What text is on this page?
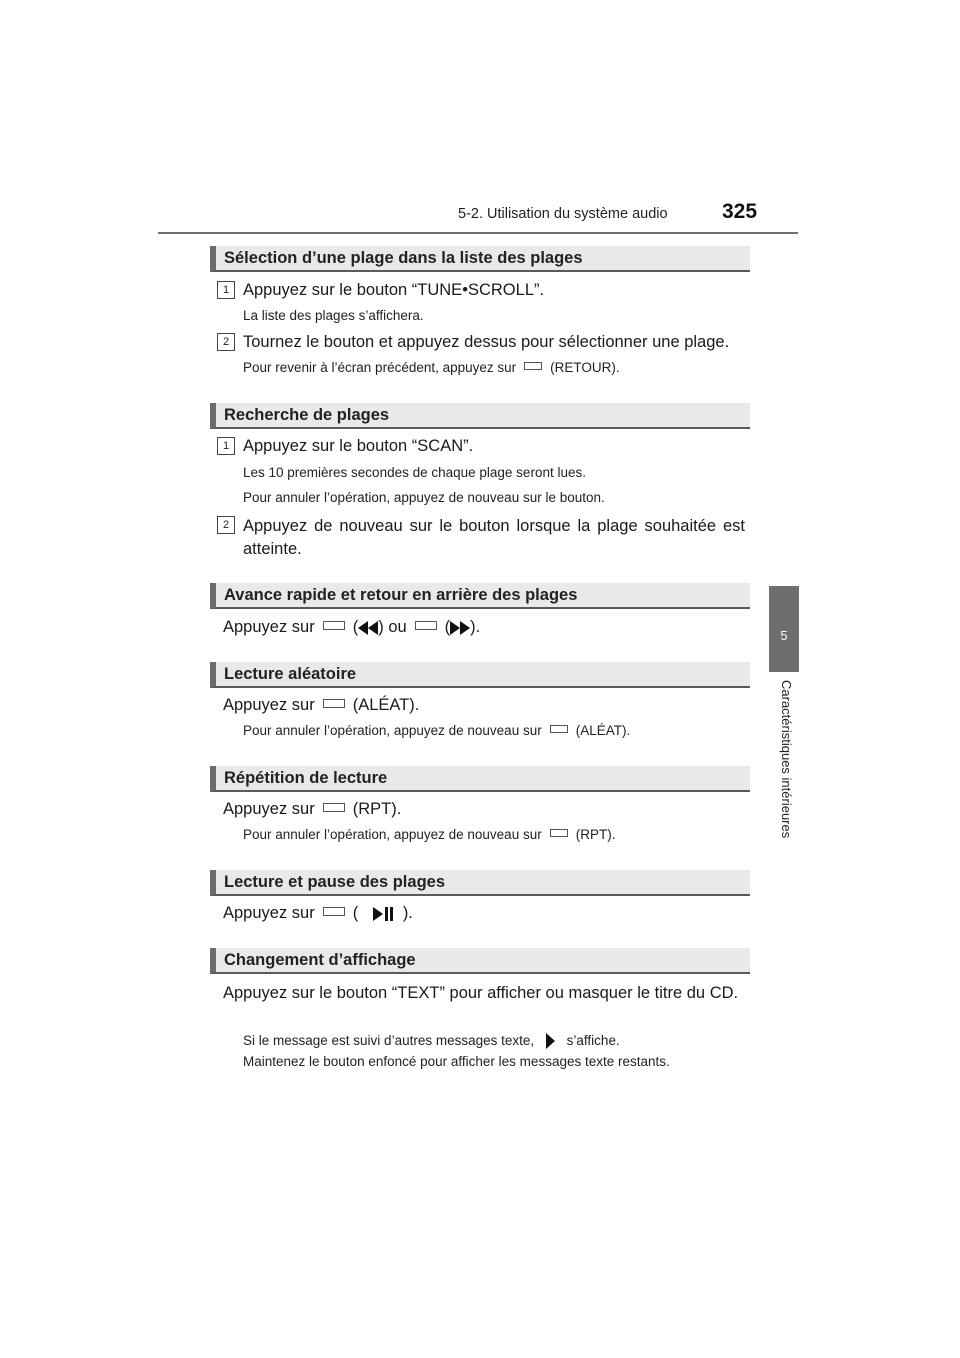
5-2. Utilisation du système audio	325
5
Caractéristiques intérieures
Sélection d’une plage dans la liste des plages
1 Appuyez sur le bouton “TUNE•SCROLL”.
La liste des plages s’affichera.
2 Tournez le bouton et appuyez dessus pour sélectionner une plage.
Pour revenir à l’écran précédent, appuyez sur	(RETOUR).
Recherche de plages
1 Appuyez sur le bouton “SCAN”.
Les 10 premières secondes de chaque plage seront lues.
Pour annuler l’opération, appuyez de nouveau sur le bouton.
2 Appuyez de nouveau sur le bouton lorsque la plage souhaitée est atteinte.
Avance rapide et retour en arrière des plages
Appuyez sur ( ) ou ( ).
Lecture aléatoire
Appuyez sur (ALÉAT).
Pour annuler l’opération, appuyez de nouveau sur	(ALÉAT).
Répétition de lecture
Appuyez sur (RPT).
Pour annuler l’opération, appuyez de nouveau sur	(RPT).
Lecture et pause des plages
Appuyez sur (	).
Changement d’affichage
Appuyez sur le bouton “TEXT” pour afficher ou masquer le titre du CD.
Si le message est suivi d’autres messages texte, s’affiche.
Maintenez le bouton enfoncé pour afficher les messages texte restants.
